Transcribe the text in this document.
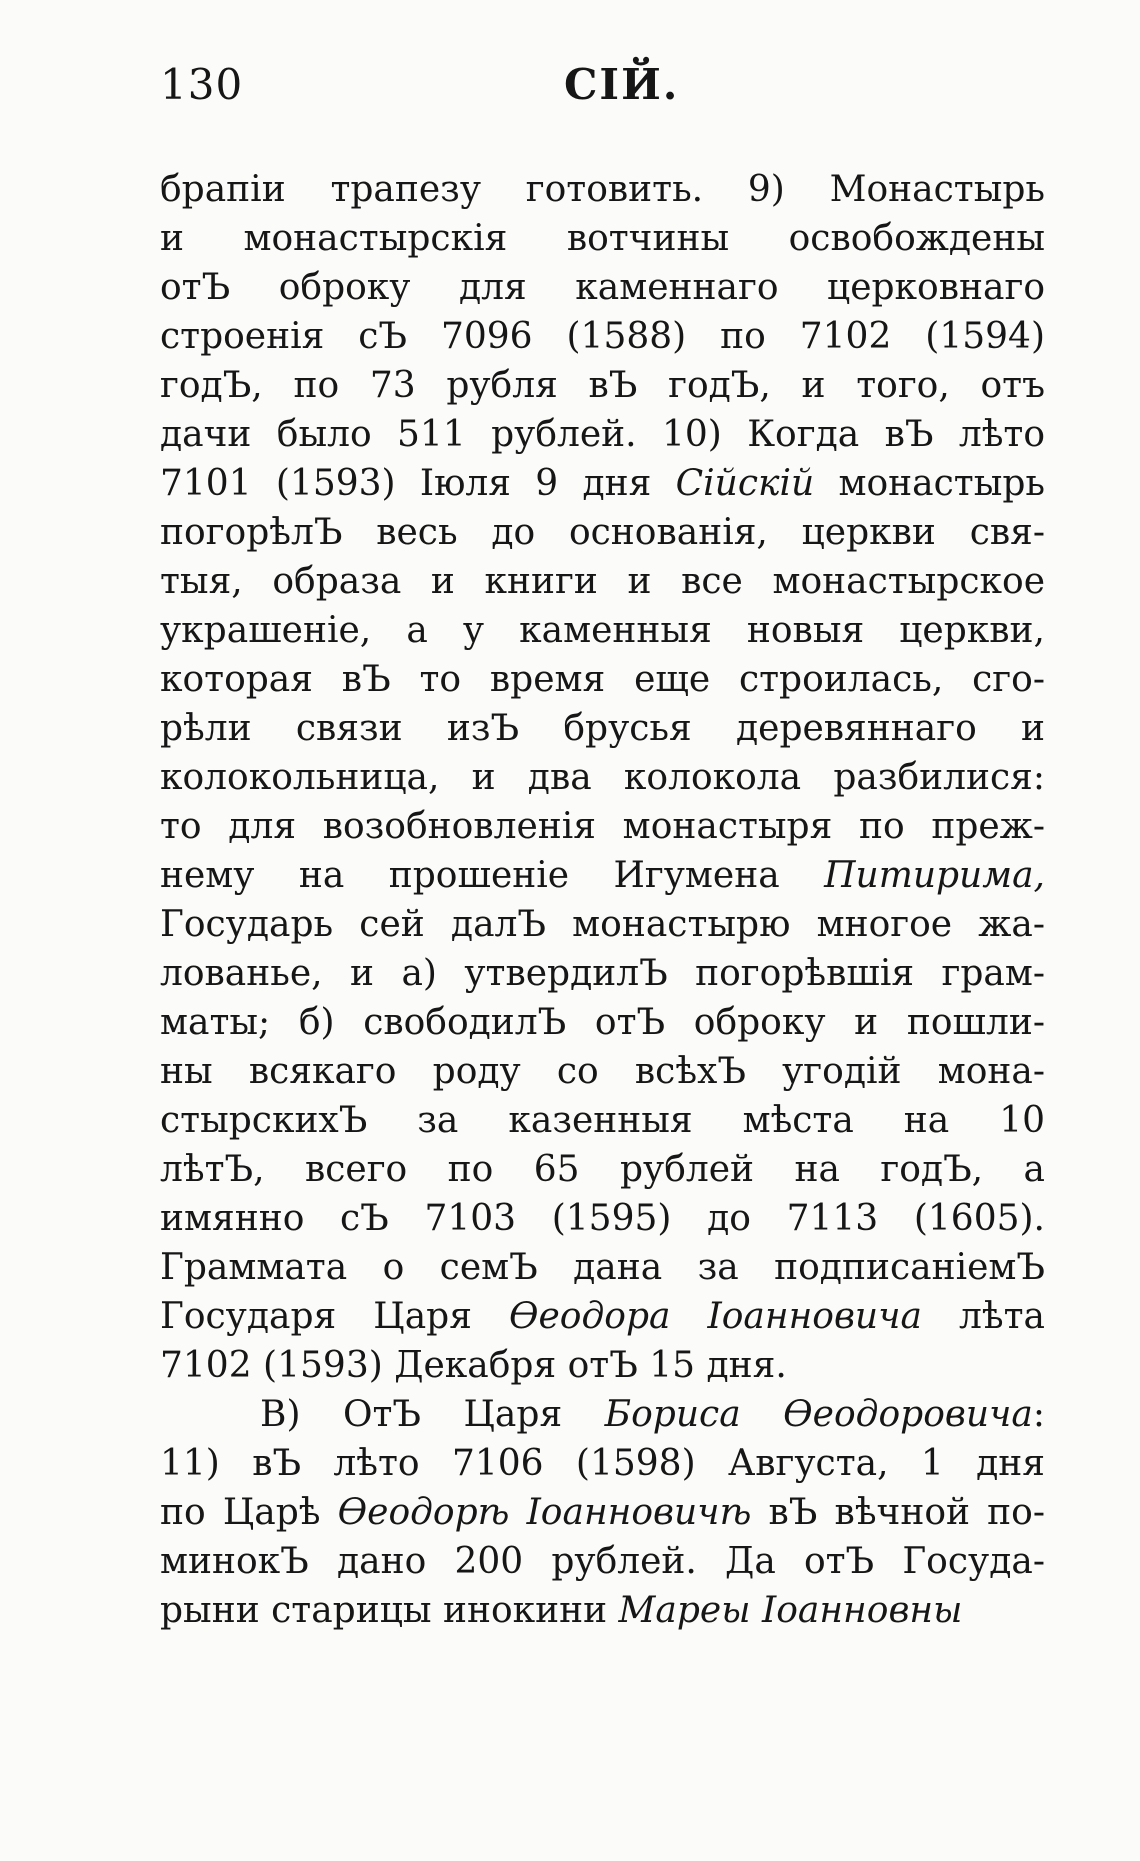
130	СІЙ.
брапіи трапезу готовить. 9) Монастырь
и монастырскія вотчины освобождены
отЪ оброку для каменнаго церковнаго
строенія сЪ 7096 (1588) по 7102 (1594)
годЪ, по 73 рубля вЪ годЪ, и того, отъ
дачи было 511 рублей. 10) Когда вЪ лѣто
7101 (1593) Іюля 9 дня Сійскій монастырь
погорѣлЪ весь до основанія, церкви свя-
тыя, образа и книги и все монастырское
украшеніе, а у каменныя новыя церкви,
которая вЪ то время еще строилась, сго-
рѣли связи изЪ брусья деревяннаго и
колокольница, и два колокола разбилися:
то для возобновленія монастыря по преж-
нему на прошеніе Игумена Питирима,
Государь сей далЪ монастырю многое жа-
лованье, и а) утвердилЪ погорѣвшія грам-
маты; б) свободилЪ отЪ оброку и пошли-
ны всякаго роду со всѣхЪ угодій мона-
стырскихЪ за казенныя мѣста на 10
лѣтЪ, всего по 65 рублей на годЪ, а
имянно сЪ 7103 (1595) до 7113 (1605).
Граммата о семЪ дана за подписаніемЪ
Государя Царя Өеодора Іоанновича лѣта
7102 (1593) Декабря отЪ 15 дня.
В) ОтЪ Царя Бориса Өеодоровича:
11) вЪ лѣто 7106 (1598) Августа, 1 дня
по Царѣ Өеодорѣ Іоанновичѣ вЪ вѣчной по-
минокЪ дано 200 рублей. Да отЪ Госуда-
рыни старицы инокини Мареы Іоанновны
